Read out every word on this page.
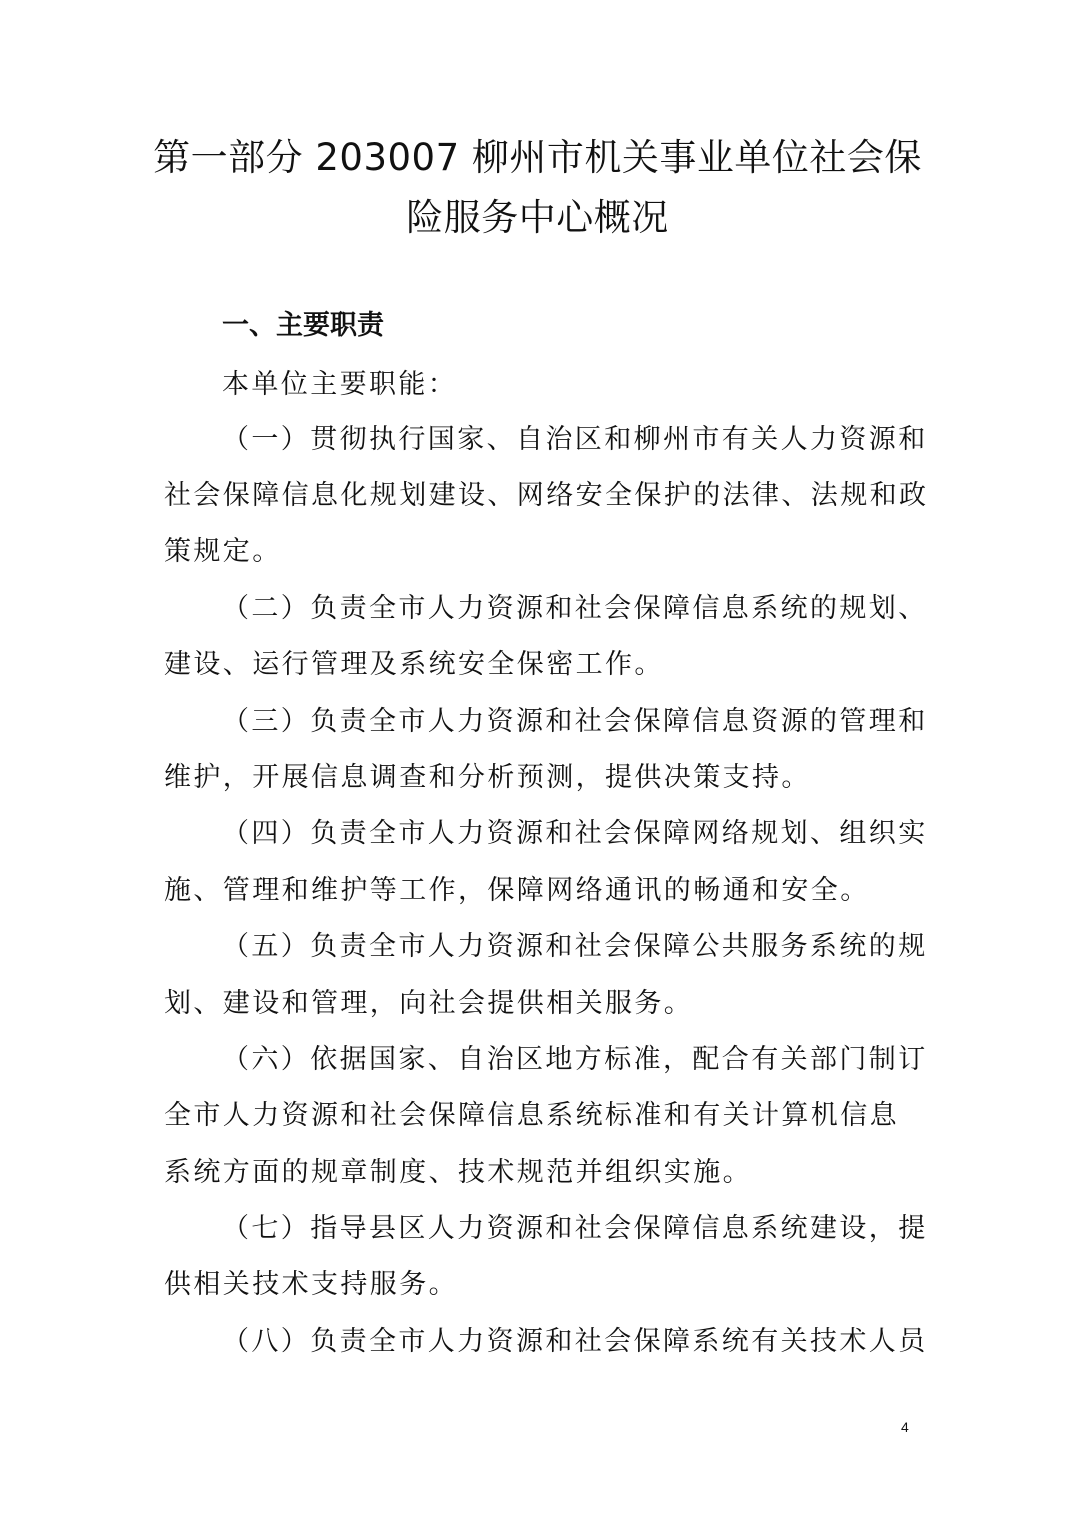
第一部分 203007 柳州市机关事业单位社会保险服务中心概况
一、主要职责
本单位主要职能：
（一）贯彻执行国家、自治区和柳州市有关人力资源和
社会保障信息化规划建设、网络安全保护的法律、法规和政
策规定。
（二）负责全市人力资源和社会保障信息系统的规划、
建设、运行管理及系统安全保密工作。
（三）负责全市人力资源和社会保障信息资源的管理和
维护，开展信息调查和分析预测，提供决策支持。
（四）负责全市人力资源和社会保障网络规划、组织实
施、管理和维护等工作，保障网络通讯的畅通和安全。
（五）负责全市人力资源和社会保障公共服务系统的规
划、建设和管理，向社会提供相关服务。
（六）依据国家、自治区地方标准，配合有关部门制订
全市人力资源和社会保障信息系统标准和有关计算机信息
系统方面的规章制度、技术规范并组织实施。
（七）指导县区人力资源和社会保障信息系统建设，提
供相关技术支持服务。
（八）负责全市人力资源和社会保障系统有关技术人员
4
